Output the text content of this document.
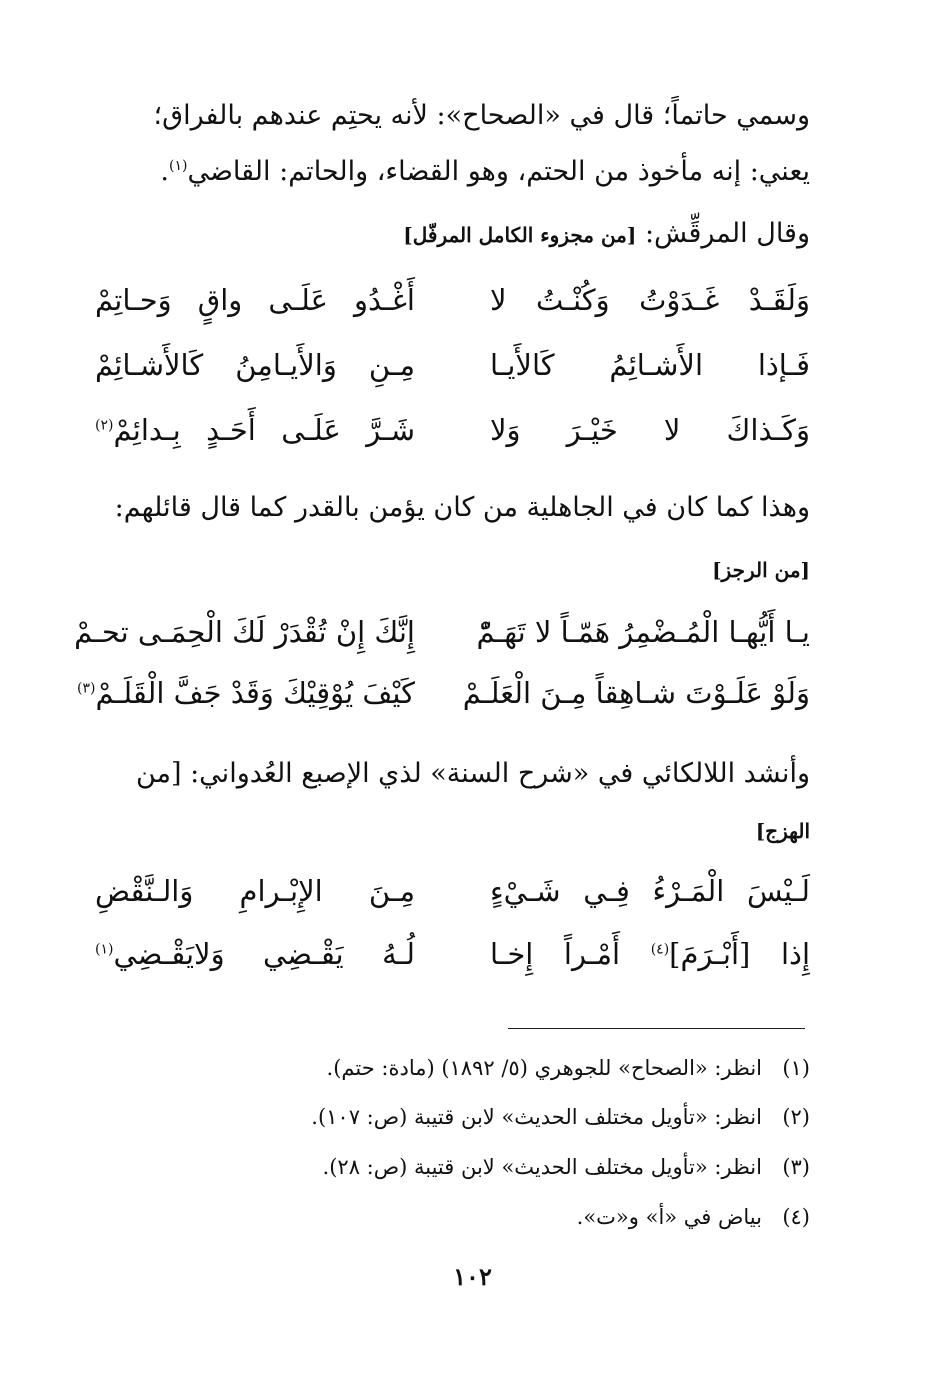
وسمي حاتماً؛ قال في «الصحاح»: لأنه يحتِم عندهم بالفراق؛
يعني: إنه مأخوذ من الحتم، وهو القضاء، والحاتم: القاضي$^{(١)}$.
وقال المرقِّش: [من مجزوء الكامل المرفّل]
وَلَقَـدْ غَـدَوْتُ وَكُنْـتُ لا
أَغْـدُو عَلَـى واقٍ وَحـاتِمْ
فَـإذا الأَشـائِمُ كَالأَيـا
مِـنِ وَالأَيـامِنُ كَالأَشـائِمْ
وَكَـذاكَ لا خَيْـرَ وَلا
شَـرَّ عَلَـى أَحَـدٍ بِـدائِمْ$^{(٢)}$
وهذا كما كان في الجاهلية من كان يؤمن بالقدر كما قال قائلهم:
[من الرجز]
يـا أَيُّهـا الْمُـضْمِرُ هَمّـاً لا تَهَـمّْ
إِنَّكَ إِنْ تُقْدَرْ لَكَ الْحِمَـى تحـمْ
وَلَوْ عَلَـوْتَ شـاهِقاً مِـنَ الْعَلَـمْ
كَيْفَ يُوْقِيْكَ وَقَدْ جَفَّ الْقَلَـمْ$^{(٣)}$
وأنشد اللالكائي في «شرح السنة» لذي الإصبع العُدواني: [من
الهزج]
لَـيْسَ الْمَـرْءُ فِـي شَـيْءٍ
مِـنَ الإِبْـرامِ وَالـنَّقْضِ
إِذا [أَبْـرَمَ]$^{(٤)}$ أَمْـراً إِخـا
لُـهُ يَقْـضِي وَلايَقْـضِي$^{(١)}$
(١)انظر: «الصحاح» للجوهري (٥/ ١٨٩٢) (مادة: حتم).
(٢)انظر: «تأويل مختلف الحديث» لابن قتيبة (ص: ١٠٧).
(٣)انظر: «تأويل مختلف الحديث» لابن قتيبة (ص: ٢٨).
(٤)بياض في «أ» و«ت».
١٠٢
